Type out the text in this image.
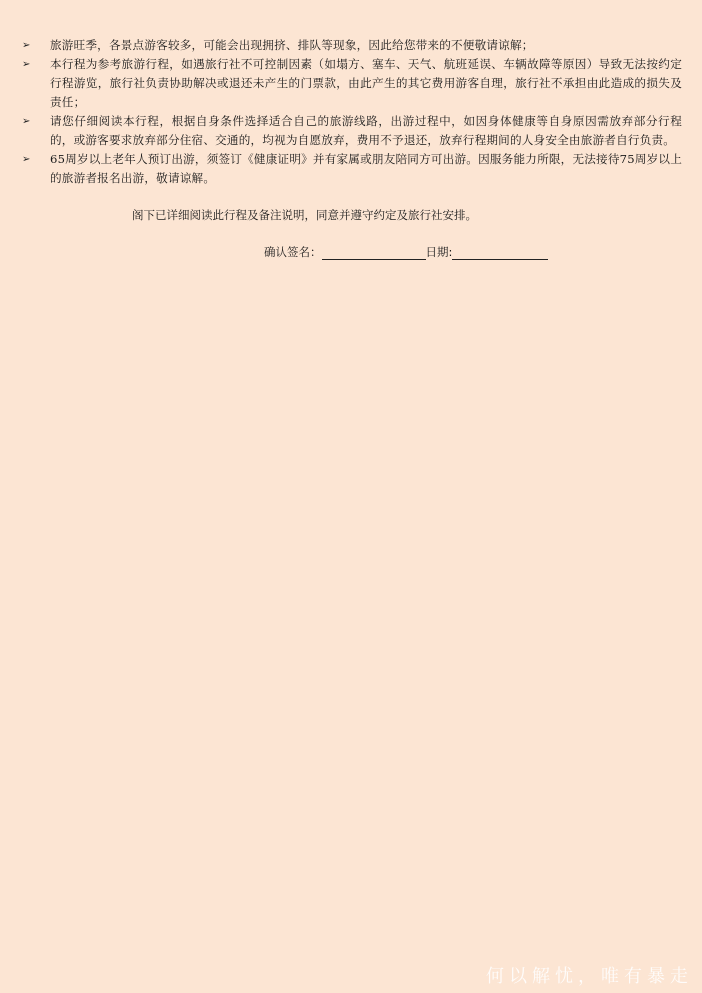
➢	旅游旺季，各景点游客较多，可能会出现拥挤、排队等现象，因此给您带来的不便敬请谅解；
➢	本行程为参考旅游行程，如遇旅行社不可控制因素（如塌方、塞车、天气、航班延误、车辆故障等原因）导致无法按约定行程游览，旅行社负责协助解决或退还未产生的门票款，由此产生的其它费用游客自理，旅行社不承担由此造成的损失及责任；
➢	请您仔细阅读本行程，根据自身条件选择适合自己的旅游线路，出游过程中，如因身体健康等自身原因需放弃部分行程的，或游客要求放弃部分住宿、交通的，均视为自愿放弃，费用不予退还，放弃行程期间的人身安全由旅游者自行负责。
➢	65周岁以上老年人预订出游，须签订《健康证明》并有家属或朋友陪同方可出游。因服务能力所限，无法接待75周岁以上的旅游者报名出游，敬请谅解。

阁下已详细阅读此行程及备注说明，同意并遵守约定及旅行社安排。

确认签名：	日期:
何以解忧，唯有暴走
